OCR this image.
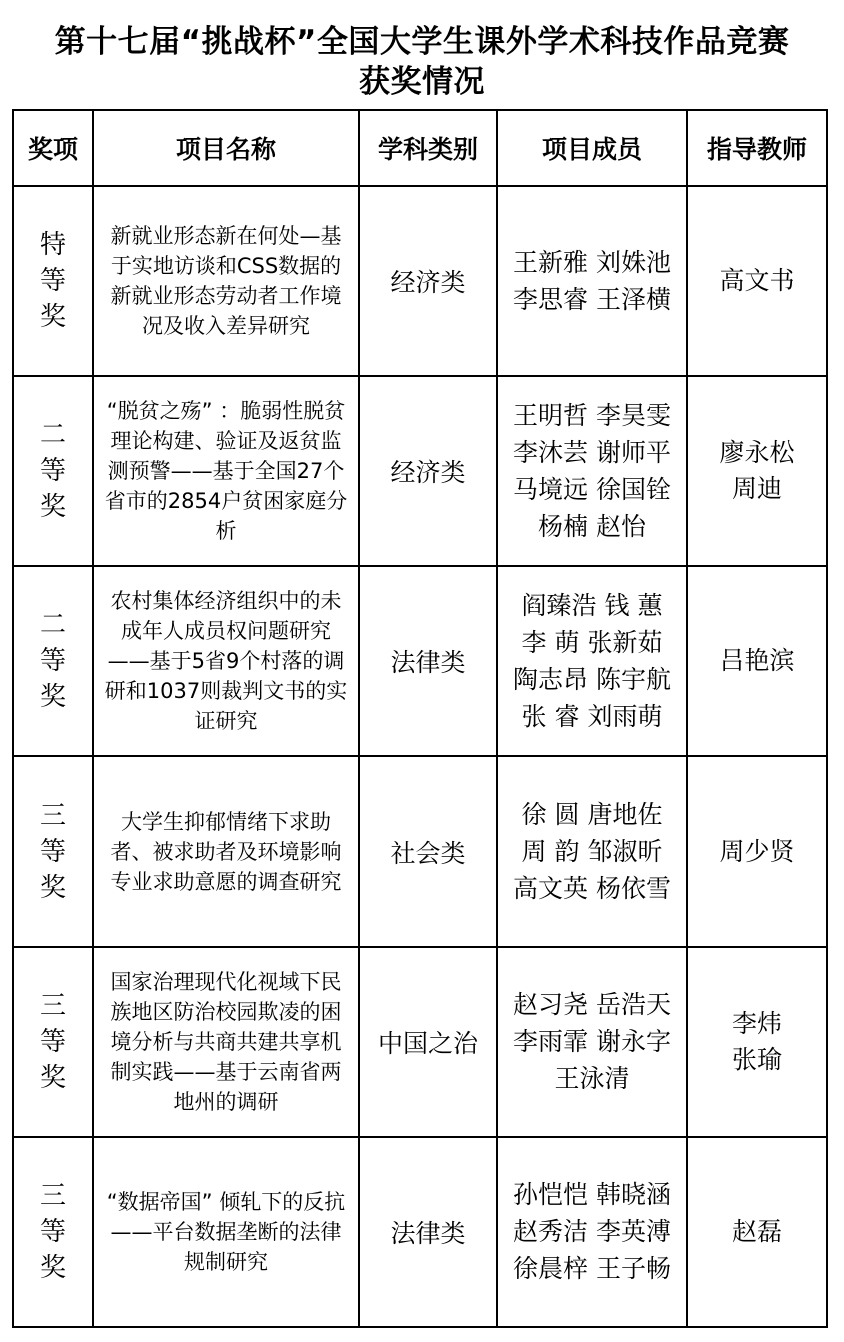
第十七届“挑战杯”全国大学生课外学术科技作品竞赛
获奖情况
奖项	项目名称	学科类别	项目成员	指导教师
特等奖	新就业形态新在何处—基于实地访谈和CSS数据的新就业形态劳动者工作境况及收入差异研究	经济类	王新雅 刘姝池
李思睿 王泽横	高文书

二等奖	“脱贫之殇” ：脆弱性脱贫理论构建、验证及返贫监测预警——基于全国27个省市的2854户贫困家庭分析	经济类	王明哲 李昊雯
李沐芸 谢师平
马境远 徐国铨
杨楠 赵怡	廖永松
周迪

二等奖	农村集体经济组织中的未成年人成员权问题研究——基于5省9个村落的调研和1037则裁判文书的实证研究	法律类	阎臻浩 钱 蕙
李 萌 张新茹
陶志昂 陈宇航
张 睿 刘雨萌	吕艳滨

三等奖	大学生抑郁情绪下求助者、被求助者及环境影响专业求助意愿的调查研究	社会类	徐 圆 唐地佐
周 韵 邹淑昕
高文英 杨依雪	周少贤

三等奖	国家治理现代化视域下民族地区防治校园欺凌的困境分析与共商共建共享机制实践——基于云南省两地州的调研	中国之治	赵习尧 岳浩天
李雨霏 谢永字
王泳清	李炜
张瑜

三等奖	“数据帝国” 倾轧下的反抗——平台数据垄断的法律规制研究	法律类	孙恺恺 韩晓涵
赵秀洁 李英溥
徐晨梓 王子畅	赵磊
